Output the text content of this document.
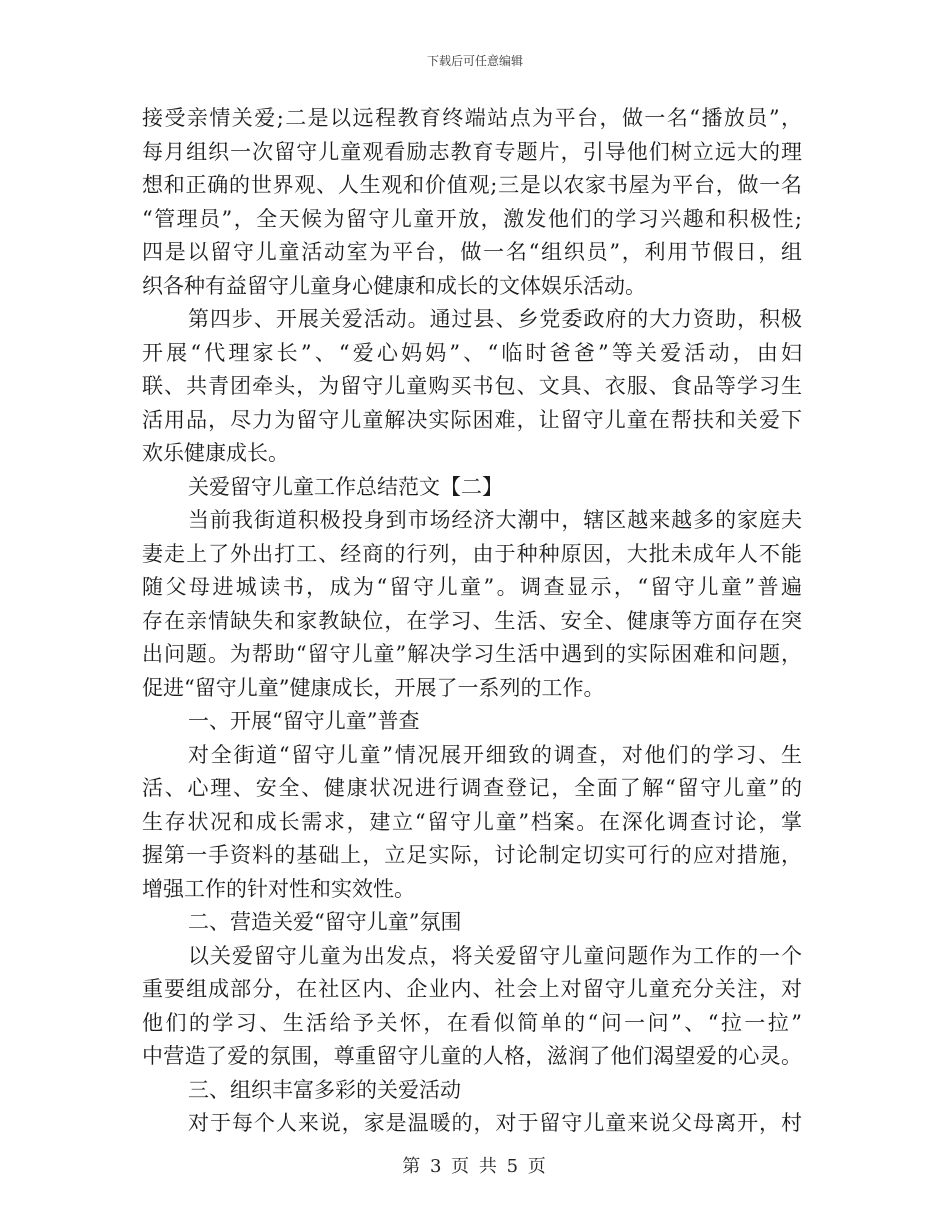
下载后可任意编辑
接受亲情关爱;二是以远程教育终端站点为平台，做一名“播放员”，
每月组织一次留守儿童观看励志教育专题片，引导他们树立远大的理
想和正确的世界观、人生观和价值观;三是以农家书屋为平台，做一名
“管理员”，全天候为留守儿童开放，激发他们的学习兴趣和积极性;
四是以留守儿童活动室为平台，做一名“组织员”，利用节假日，组
织各种有益留守儿童身心健康和成长的文体娱乐活动。
第四步、开展关爱活动。通过县、乡党委政府的大力资助，积极
开展“代理家长”、“爱心妈妈”、“临时爸爸”等关爱活动，由妇
联、共青团牵头，为留守儿童购买书包、文具、衣服、食品等学习生
活用品，尽力为留守儿童解决实际困难，让留守儿童在帮扶和关爱下
欢乐健康成长。
关爱留守儿童工作总结范文【二】
当前我街道积极投身到市场经济大潮中，辖区越来越多的家庭夫
妻走上了外出打工、经商的行列，由于种种原因，大批未成年人不能
随父母进城读书，成为“留守儿童”。调查显示，“留守儿童”普遍
存在亲情缺失和家教缺位，在学习、生活、安全、健康等方面存在突
出问题。为帮助“留守儿童”解决学习生活中遇到的实际困难和问题，
促进“留守儿童”健康成长，开展了一系列的工作。
一、开展“留守儿童”普查
对全街道“留守儿童”情况展开细致的调查，对他们的学习、生
活、心理、安全、健康状况进行调查登记，全面了解“留守儿童”的
生存状况和成长需求，建立“留守儿童”档案。在深化调查讨论，掌
握第一手资料的基础上，立足实际，讨论制定切实可行的应对措施，
增强工作的针对性和实效性。
二、营造关爱“留守儿童”氛围
以关爱留守儿童为出发点，将关爱留守儿童问题作为工作的一个
重要组成部分，在社区内、企业内、社会上对留守儿童充分关注，对
他们的学习、生活给予关怀，在看似简单的“问一问”、“拉一拉”
中营造了爱的氛围，尊重留守儿童的人格，滋润了他们渴望爱的心灵。
三、组织丰富多彩的关爱活动
对于每个人来说，家是温暖的，对于留守儿童来说父母离开，村
第 3 页 共 5 页
